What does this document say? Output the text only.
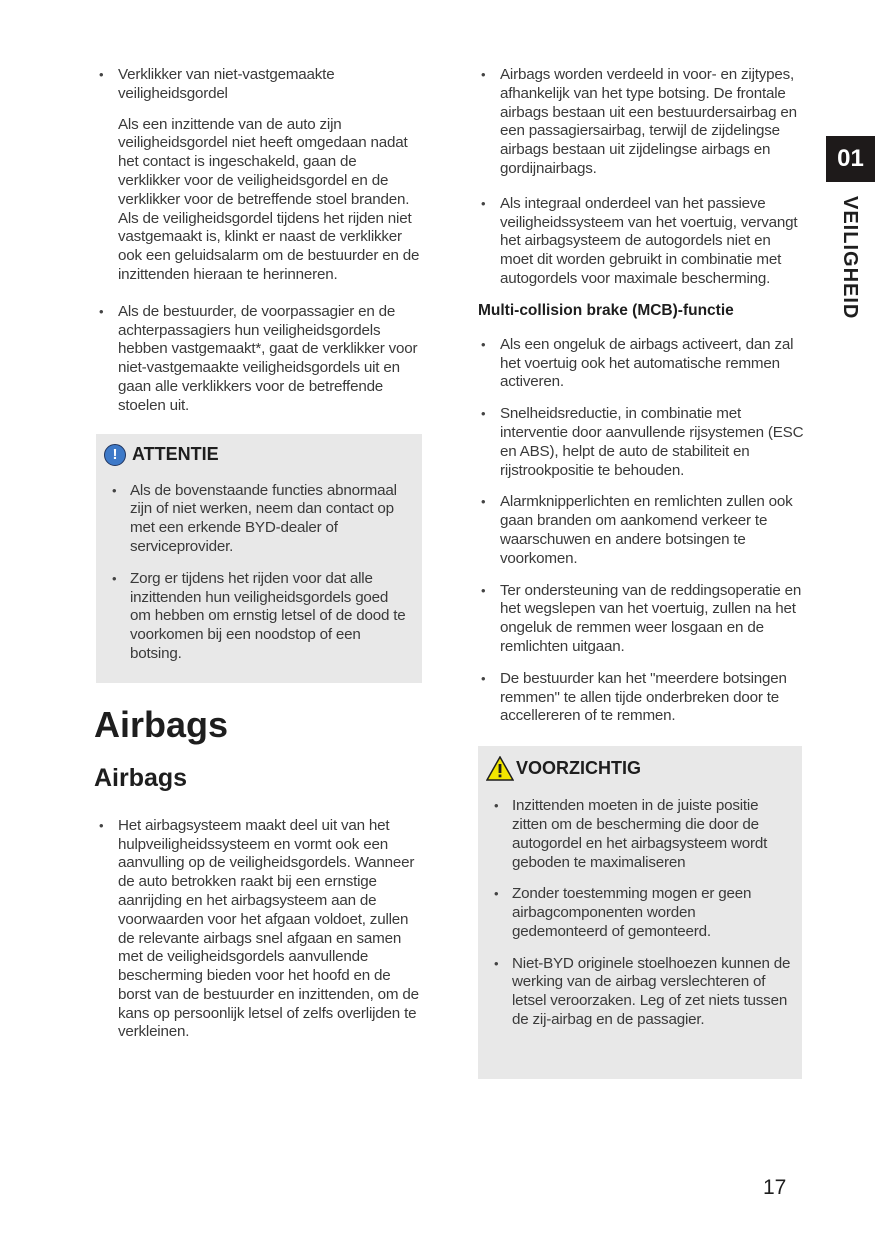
01
VEILIGHEID
• Verklikker van niet-vastgemaakte veiligheidsgordel
Als een inzittende van de auto zijn veiligheidsgordel niet heeft omgedaan nadat het contact is ingeschakeld, gaan de verklikker voor de veiligheidsgordel en de verklikker voor de betreffende stoel branden. Als de veiligheidsgordel tijdens het rijden niet vastgemaakt is, klinkt er naast de verklikker ook een geluidsalarm om de bestuurder en de inzittenden hieraan te herinneren.
• Als de bestuurder, de voorpassagier en de achterpassagiers hun veiligheidsgordels hebben vastgemaakt*, gaat de verklikker voor niet-vastgemaakte veiligheidsgordels uit en gaan alle verklikkers voor de betreffende stoelen uit.
! ATTENTIE
• Als de bovenstaande functies abnormaal zijn of niet werken, neem dan contact op met een erkende BYD-dealer of serviceprovider.
• Zorg er tijdens het rijden voor dat alle inzittenden hun veiligheidsgordels goed om hebben om ernstig letsel of de dood te voorkomen bij een noodstop of een botsing.
Airbags
Airbags
• Het airbagsysteem maakt deel uit van het hulpveiligheidssysteem en vormt ook een aanvulling op de veiligheidsgordels. Wanneer de auto betrokken raakt bij een ernstige aanrijding en het airbagsysteem aan de voorwaarden voor het afgaan voldoet, zullen de relevante airbags snel afgaan en samen met de veiligheidsgordels aanvullende bescherming bieden voor het hoofd en de borst van de bestuurder en inzittenden, om de kans op persoonlijk letsel of zelfs overlijden te verkleinen.
• Airbags worden verdeeld in voor- en zijtypes, afhankelijk van het type botsing. De frontale airbags bestaan uit een bestuurdersairbag en een passagiersairbag, terwijl de zijdelingse airbags bestaan uit zijdelingse airbags en gordijnairbags.
• Als integraal onderdeel van het passieve veiligheidssysteem van het voertuig, vervangt het airbagsysteem de autogordels niet en moet dit worden gebruikt in combinatie met autogordels voor maximale bescherming.
Multi-collision brake (MCB)-functie
• Als een ongeluk de airbags activeert, dan zal het voertuig ook het automatische remmen activeren.
• Snelheidsreductie, in combinatie met interventie door aanvullende rijsystemen (ESC en ABS), helpt de auto de stabiliteit en rijstrookpositie te behouden.
• Alarmknipperlichten en remlichten zullen ook gaan branden om aankomend verkeer te waarschuwen en andere botsingen te voorkomen.
• Ter ondersteuning van de reddingsoperatie en het wegslepen van het voertuig, zullen na het ongeluk de remmen weer losgaan en de remlichten uitgaan.
• De bestuurder kan het "meerdere botsingen remmen" te allen tijde onderbreken door te accellereren of te remmen.
VOORZICHTIG
• Inzittenden moeten in de juiste positie zitten om de bescherming die door de autogordel en het airbagsysteem wordt geboden te maximaliseren
• Zonder toestemming mogen er geen airbagcomponenten worden gedemonteerd of gemonteerd.
• Niet-BYD originele stoelhoezen kunnen de werking van de airbag verslechteren of letsel veroorzaken. Leg of zet niets tussen de zij-airbag en de passagier.
17
